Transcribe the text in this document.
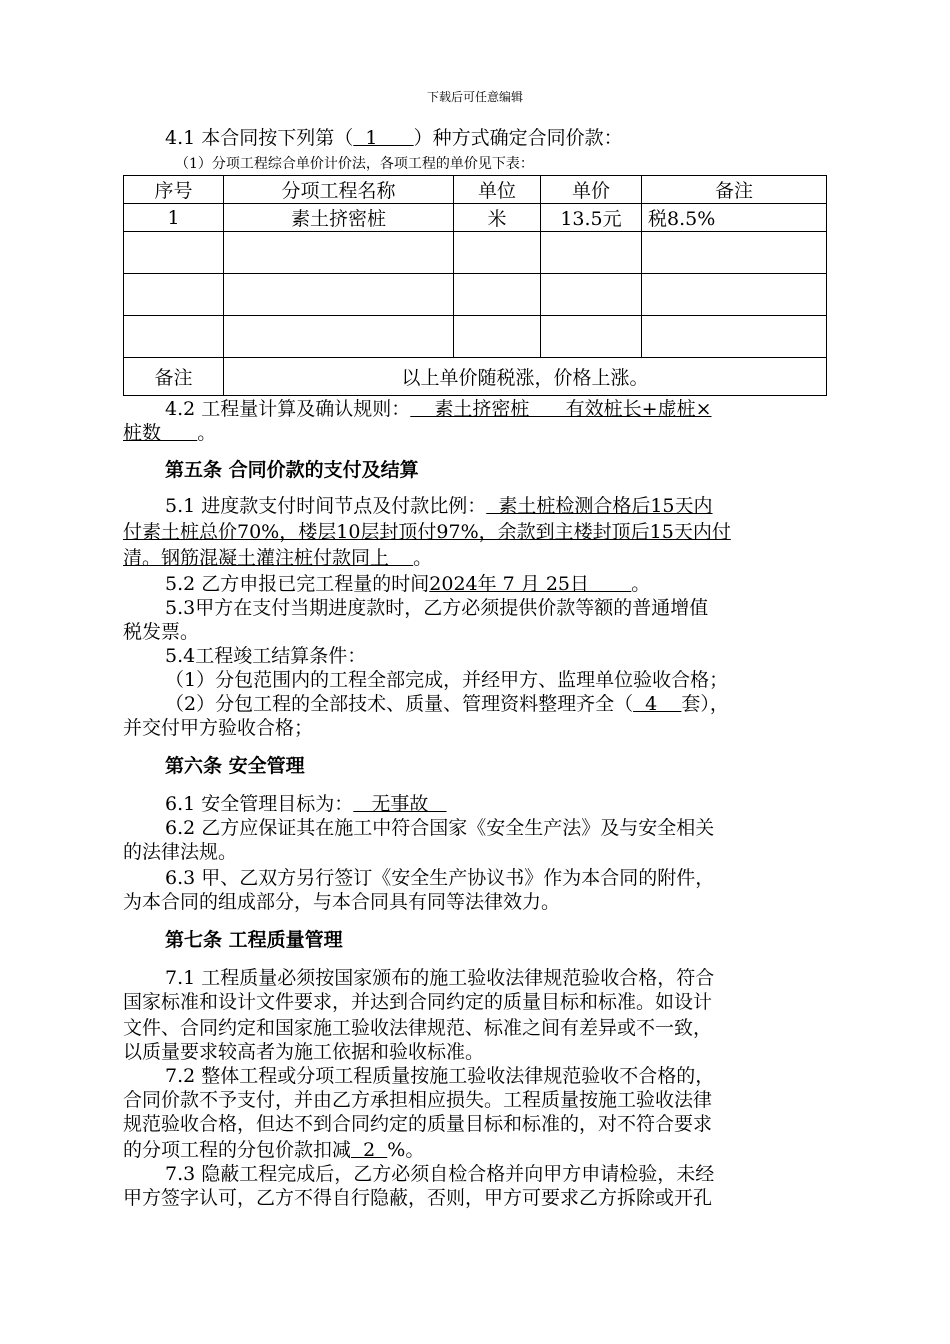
下载后可任意编辑
4.1 本合同按下列第（  1      ）种方式确定合同价款：
（1）分项工程综合单价计价法，各项工程的单价见下表：
序号	分项工程名称	单位	单价	备注
1	素土挤密桩	米	13.5元	税8.5%

备注	以上单价随税涨，价格上涨。			
4.2 工程量计算及确认规则：    素土挤密桩      有效桩长+虚桩×
桩数      。
第五条 合同价款的支付及结算
5.1 进度款支付时间节点及付款比例：  素土桩检测合格后15天内
付素土桩总价70%，楼层10层封顶付97%，余款到主楼封顶后15天内付
清。钢筋混凝土灌注桩付款同上    。
5.2 乙方申报已完工程量的时间2024年 7 月 25日       。
5.3甲方在支付当期进度款时，乙方必须提供价款等额的普通增值
税发票。
5.4工程竣工结算条件：
（1）分包范围内的工程全部完成，并经甲方、监理单位验收合格；
（2）分包工程的全部技术、质量、管理资料整理齐全（  4    套），
并交付甲方验收合格；
第六条 安全管理
6.1 安全管理目标为：   无事故
6.2 乙方应保证其在施工中符合国家《安全生产法》及与安全相关
的法律法规。
6.3 甲、乙双方另行签订《安全生产协议书》作为本合同的附件，
为本合同的组成部分，与本合同具有同等法律效力。
第七条 工程质量管理
7.1 工程质量必须按国家颁布的施工验收法律规范验收合格，符合
国家标准和设计文件要求，并达到合同约定的质量目标和标准。如设计
文件、合同约定和国家施工验收法律规范、标准之间有差异或不一致，
以质量要求较高者为施工依据和验收标准。
7.2 整体工程或分项工程质量按施工验收法律规范验收不合格的，
合同价款不予支付，并由乙方承担相应损失。工程质量按施工验收法律
规范验收合格，但达不到合同约定的质量目标和标准的，对不符合要求
的分项工程的分包价款扣减  2  %。
7.3 隐蔽工程完成后，乙方必须自检合格并向甲方申请检验，未经
甲方签字认可，乙方不得自行隐蔽，否则，甲方可要求乙方拆除或开孔
